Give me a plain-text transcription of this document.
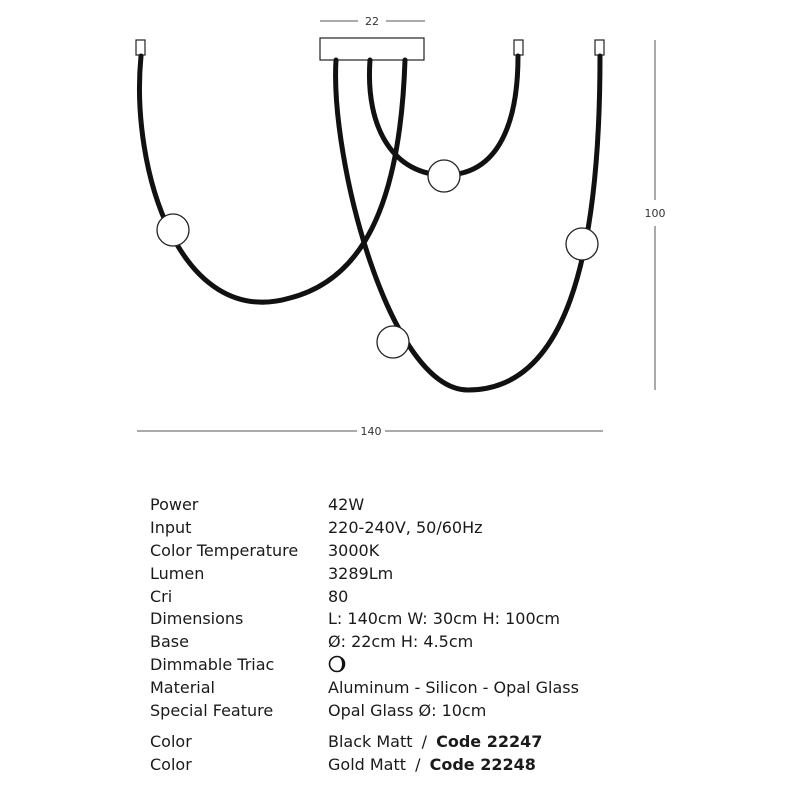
22
100
140
Power	42W
Input	220-240V, 50/60Hz
Color Temperature	3000K
Lumen	3289Lm
Cri	80
Dimensions	L: 140cm W: 30cm H: 100cm
Base	Ø: 22cm H: 4.5cm
Dimmable Triac
Material	Aluminum - Silicon - Opal Glass
Special Feature	Opal Glass Ø: 10cm
Color	Black Matt / Code 22247
Color	Gold Matt / Code 22248
